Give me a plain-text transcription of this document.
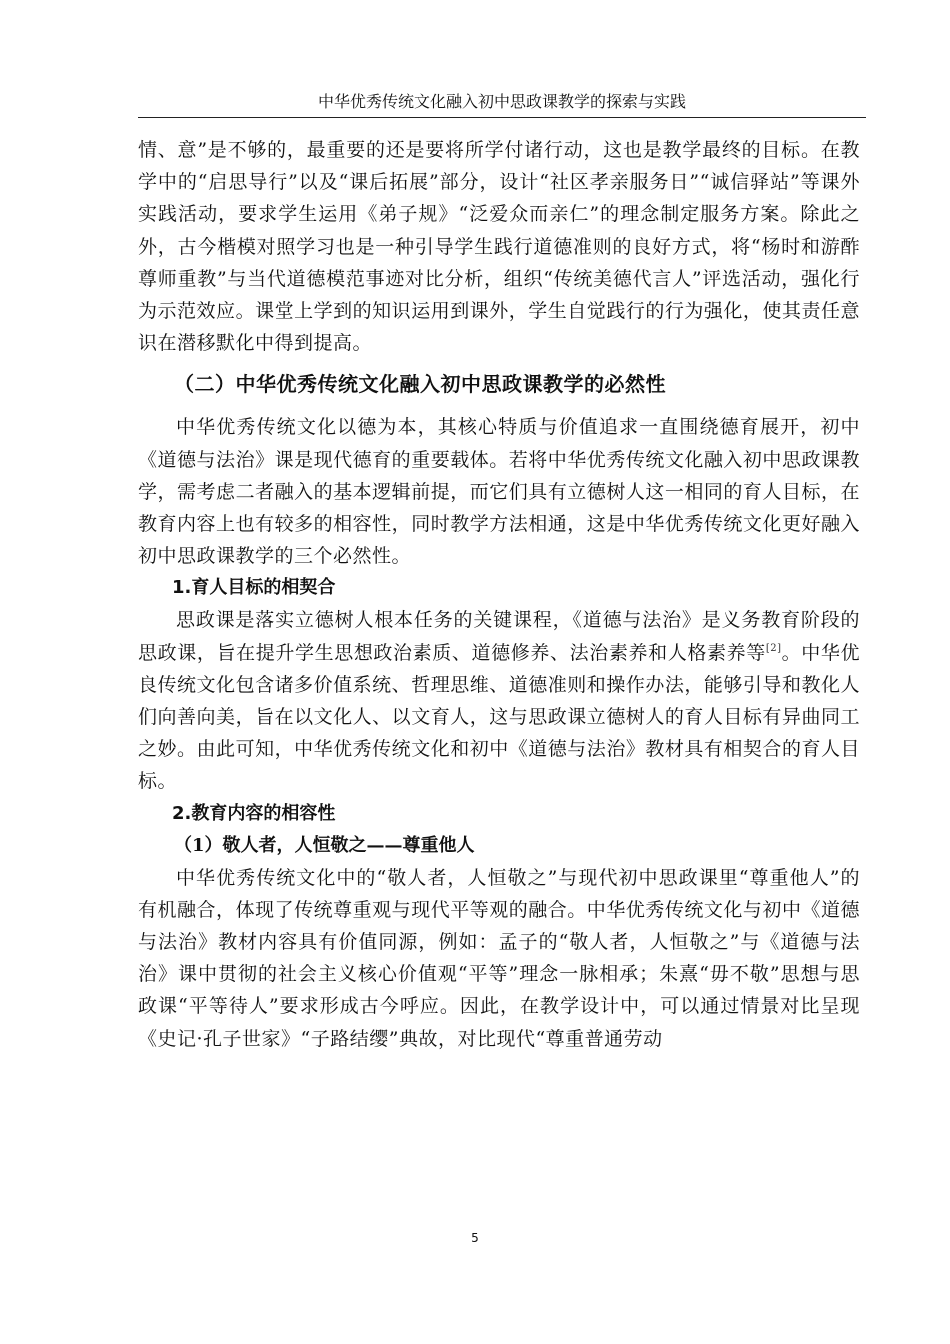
中华优秀传统文化融入初中思政课教学的探索与实践

情、意”是不够的，最重要的还是要将所学付诸行动，这也是教学最终的目标。在教学中的“启思导行”以及“课后拓展”部分，设计“社区孝亲服务日”“诚信驿站”等课外实践活动，要求学生运用《弟子规》“泛爱众而亲仁”的理念制定服务方案。除此之外，古今楷模对照学习也是一种引导学生践行道德准则的良好方式，将“杨时和游酢尊师重教”与当代道德模范事迹对比分析，组织“传统美德代言人”评选活动，强化行为示范效应。课堂上学到的知识运用到课外，学生自觉践行的行为强化，使其责任意识在潜移默化中得到提高。

（二）中华优秀传统文化融入初中思政课教学的必然性

中华优秀传统文化以德为本，其核心特质与价值追求一直围绕德育展开，初中《道德与法治》课是现代德育的重要载体。若将中华优秀传统文化融入初中思政课教学，需考虑二者融入的基本逻辑前提，而它们具有立德树人这一相同的育人目标，在教育内容上也有较多的相容性，同时教学方法相通，这是中华优秀传统文化更好融入初中思政课教学的三个必然性。

1.育人目标的相契合

思政课是落实立德树人根本任务的关键课程，《道德与法治》是义务教育阶段的思政课，旨在提升学生思想政治素质、道德修养、法治素养和人格素养等[2]。中华优良传统文化包含诸多价值系统、哲理思维、道德准则和操作办法，能够引导和教化人们向善向美，旨在以文化人、以文育人，这与思政课立德树人的育人目标有异曲同工之妙。由此可知，中华优秀传统文化和初中《道德与法治》教材具有相契合的育人目标。

2.教育内容的相容性
（1）敬人者，人恒敬之——尊重他人

中华优秀传统文化中的“敬人者，人恒敬之”与现代初中思政课里“尊重他人”的有机融合，体现了传统尊重观与现代平等观的融合。中华优秀传统文化与初中《道德与法治》教材内容具有价值同源，例如：孟子的“敬人者，人恒敬之”与《道德与法治》课中贯彻的社会主义核心价值观“平等”理念一脉相承；朱熹“毋不敬”思想与思政课“平等待人”要求形成古今呼应。因此，在教学设计中，可以通过情景对比呈现《史记·孔子世家》“子路结缨”典故，对比现代“尊重普通劳动

5
